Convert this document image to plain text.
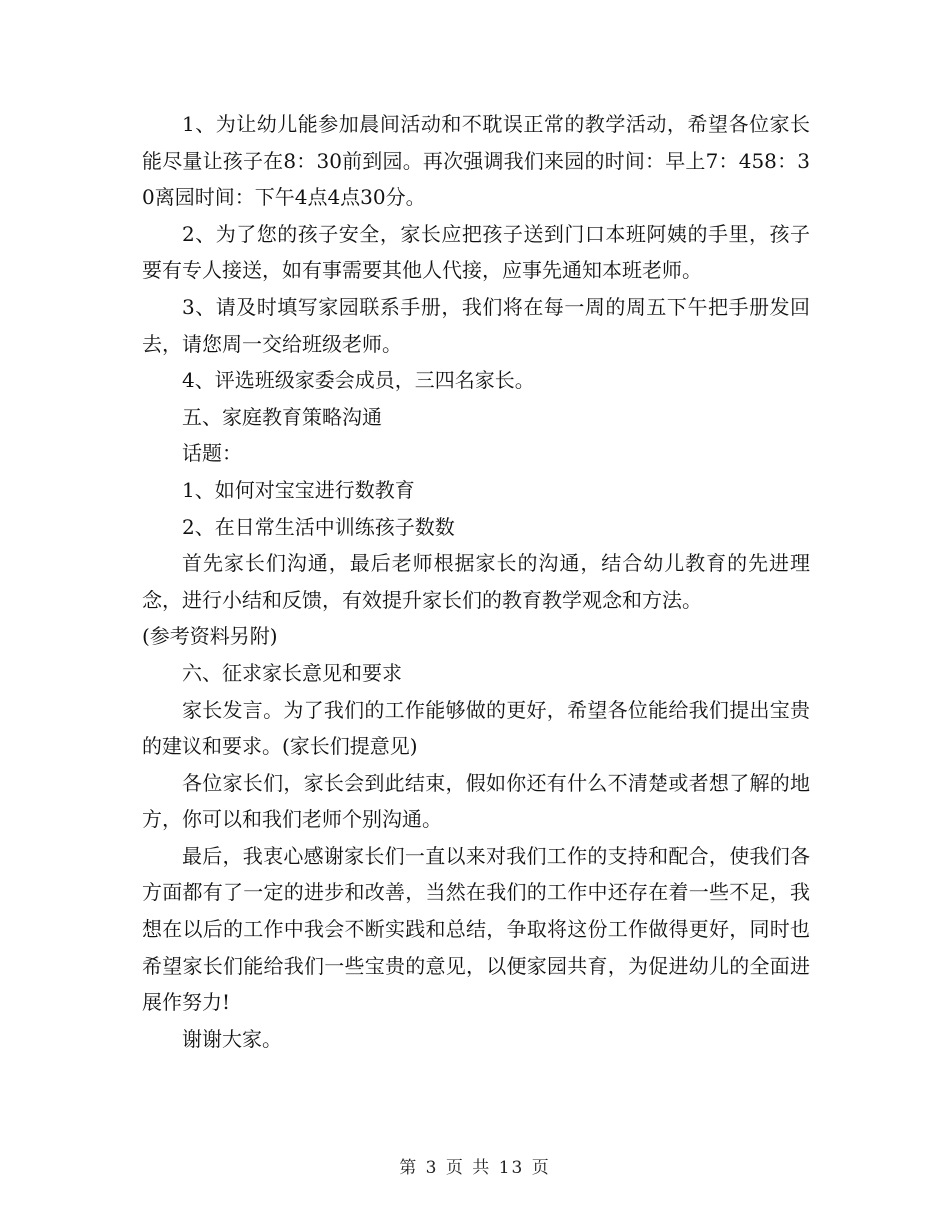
1、为让幼儿能参加晨间活动和不耽误正常的教学活动，希望各位家长能尽量让孩子在8：30前到园。再次强调我们来园的时间：早上7：458：30离园时间：下午4点4点30分。

2、为了您的孩子安全，家长应把孩子送到门口本班阿姨的手里，孩子要有专人接送，如有事需要其他人代接，应事先通知本班老师。

3、请及时填写家园联系手册，我们将在每一周的周五下午把手册发回去，请您周一交给班级老师。

4、评选班级家委会成员，三四名家长。

五、家庭教育策略沟通

话题：

1、如何对宝宝进行数教育

2、在日常生活中训练孩子数数

首先家长们沟通，最后老师根据家长的沟通，结合幼儿教育的先进理念，进行小结和反馈，有效提升家长们的教育教学观念和方法。

(参考资料另附)

六、征求家长意见和要求

家长发言。为了我们的工作能够做的更好，希望各位能给我们提出宝贵的建议和要求。(家长们提意见)

各位家长们，家长会到此结束，假如你还有什么不清楚或者想了解的地方，你可以和我们老师个别沟通。

最后，我衷心感谢家长们一直以来对我们工作的支持和配合，使我们各方面都有了一定的进步和改善，当然在我们的工作中还存在着一些不足，我想在以后的工作中我会不断实践和总结，争取将这份工作做得更好，同时也希望家长们能给我们一些宝贵的意见，以便家园共育，为促进幼儿的全面进展作努力!

谢谢大家。

第 3 页 共 13 页
